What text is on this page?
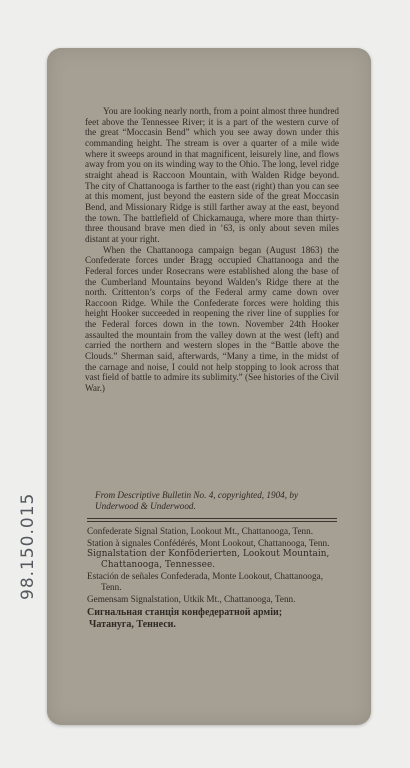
98.150.015

You are looking nearly north, from a point almost three hundred feet above the Tennessee River; it is a part of the western curve of the great “Moccasin Bend” which you see away down under this commanding height. The stream is over a quarter of a mile wide where it sweeps around in that magnificent, leisurely line, and flows away from you on its winding way to the Ohio. The long, level ridge straight ahead is Raccoon Mountain, with Walden Ridge beyond. The city of Chattanooga is farther to the east (right) than you can see at this moment, just beyond the eastern side of the great Moccasin Bend, and Missionary Ridge is still farther away at the east, beyond the town. The battlefield of Chickamauga, where more than thirty-three thousand brave men died in ’63, is only about seven miles distant at your right.

When the Chattanooga campaign began (August 1863) the Confederate forces under Bragg occupied Chattanooga and the Federal forces under Rosecrans were established along the base of the Cumberland Mountains beyond Walden’s Ridge there at the north. Crittenton’s corps of the Federal army came down over Raccoon Ridge. While the Confederate forces were holding this height Hooker succeeded in reopening the river line of supplies for the Federal forces down in the town. November 24th Hooker assaulted the mountain from the valley down at the west (left) and carried the northern and western slopes in the “Battle above the Clouds.” Sherman said, afterwards, “Many a time, in the midst of the carnage and noise, I could not help stopping to look across that vast field of battle to admire its sublimity.” (See histories of the Civil War.)

From Descriptive Bulletin No. 4, copyrighted, 1904, by Underwood & Underwood.
Confederate Signal Station, Lookout Mt., Chattanooga, Tenn.
Station à signales Confédérés, Mont Lookout, Chattanooga, Tenn.
Signalstation der Konföderierten, Lookout Mountain, Chattanooga, Tennessee.
Estación de señales Confederada, Monte Lookout, Chattanooga, Tenn.
Gemensam Signalstation, Utkik Mt., Chattanooga, Tenn.
Сигнальная станція конфедератной арміи;
Чатануга, Теннеси.
